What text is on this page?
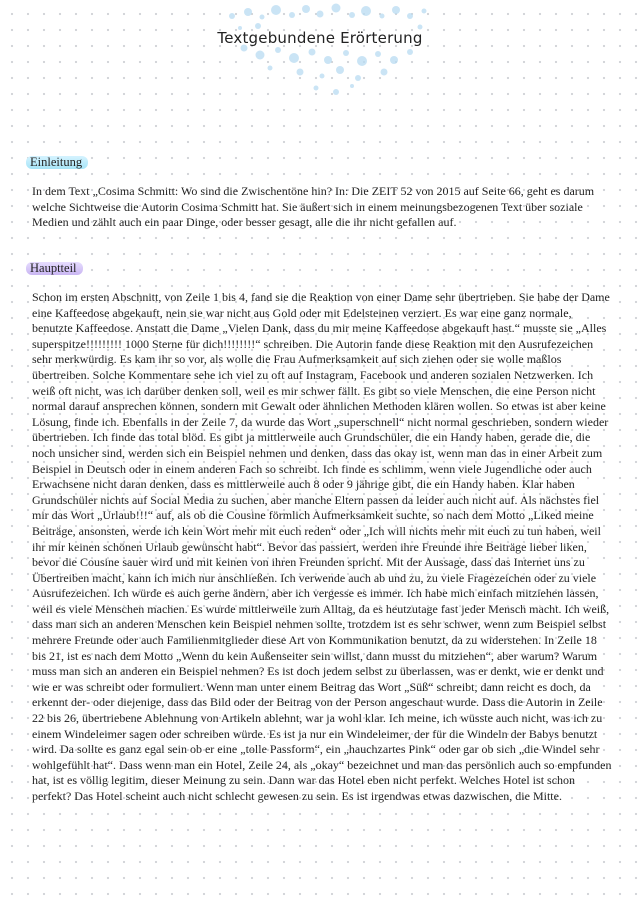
Textgebundene Erörterung
Einleitung

In dem Text „Cosima Schmitt: Wo sind die Zwischentöne hin? In: Die ZEIT 52 von 2015 auf Seite 66, geht es darum welche Sichtweise die Autorin Cosima Schmitt hat. Sie äußert sich in einem meinungsbezogenen Text über soziale Medien und zählt auch ein paar Dinge, oder besser gesagt, alle die ihr nicht gefallen auf.

Hauptteil

Schon im ersten Abschnitt, von Zeile 1 bis 4, fand sie die Reaktion von einer Dame sehr übertrieben. Sie habe der Dame eine Kaffeedose abgekauft, nein sie war nicht aus Gold oder mit Edelsteinen verziert. Es war eine ganz normale, benutzte Kaffeedose. Anstatt die Dame „Vielen Dank, dass du mir meine Kaffeedose abgekauft hast.“ musste sie „Alles superspitze!!!!!!!!! 1000 Sterne für dich!!!!!!!!“ schreiben. Die Autorin fande diese Reaktion mit den Ausrufezeichen sehr merkwürdig. Es kam ihr so vor, als wolle die Frau Aufmerksamkeit auf sich ziehen oder sie wolle maßlos übertreiben. Solche Kommentare sehe ich viel zu oft auf Instagram, Facebook und anderen sozialen Netzwerken. Ich weiß oft nicht, was ich darüber denken soll, weil es mir schwer fällt. Es gibt so viele Menschen, die eine Person nicht normal darauf ansprechen können, sondern mit Gewalt oder ähnlichen Methoden klären wollen. So etwas ist aber keine Lösung, finde ich. Ebenfalls in der Zeile 7, da wurde das Wort „superschnell“ nicht normal geschrieben, sondern wieder übertrieben. Ich finde das total blöd. Es gibt ja mittlerweile auch Grundschüler, die ein Handy haben, gerade die, die noch unsicher sind, werden sich ein Beispiel nehmen und denken, dass das okay ist, wenn man das in einer Arbeit zum Beispiel in Deutsch oder in einem anderen Fach so schreibt. Ich finde es schlimm, wenn viele Jugendliche oder auch Erwachsene nicht daran denken, dass es mittlerweile auch 8 oder 9 jährige gibt, die ein Handy haben. Klar haben Grundschüler nichts auf Social Media zu suchen, aber manche Eltern passen da leider auch nicht auf. Als nächstes fiel mir das Wort „Urlaub!!!“ auf, als ob die Cousine förmlich Aufmerksamkeit suchte, so nach dem Motto „Liked meine Beiträge, ansonsten, werde ich kein Wort mehr mit euch reden“ oder „Ich will nichts mehr mit euch zu tun haben, weil ihr mir keinen schönen Urlaub gewünscht habt“. Bevor das passiert, werden ihre Freunde ihre Beiträge lieber liken, bevor die Cousine sauer wird und mit keinen von ihren Freunden spricht. Mit der Aussage, dass das Internet uns zu Übertreiben macht, kann ich mich nur anschließen. Ich verwende auch ab und zu, zu viele Fragezeichen oder zu viele Ausrufezeichen. Ich würde es auch gerne ändern, aber ich vergesse es immer. Ich habe mich einfach mitziehen lassen, weil es viele Menschen machen. Es wurde mittlerweile zum Alltag, da es heutzutage fast jeder Mensch macht. Ich weiß, dass man sich an anderen Menschen kein Beispiel nehmen sollte, trotzdem ist es sehr schwer, wenn zum Beispiel selbst mehrere Freunde oder auch Familienmitglieder diese Art von Kommunikation benutzt, da zu widerstehen. In Zeile 18 bis 21, ist es nach dem Motto „Wenn du kein Außenseiter sein willst, dann musst du mitziehen“, aber warum? Warum muss man sich an anderen ein Beispiel nehmen? Es ist doch jedem selbst zu überlassen, was er denkt, wie er denkt und wie er was schreibt oder formuliert. Wenn man unter einem Beitrag das Wort „Süß“ schreibt, dann reicht es doch, da erkennt der- oder diejenige, dass das Bild oder der Beitrag von der Person angeschaut wurde. Dass die Autorin in Zeile 22 bis 26, übertriebene Ablehnung von Artikeln ablehnt, war ja wohl klar. Ich meine, ich wüsste auch nicht, was ich zu einem Windeleimer sagen oder schreiben würde. Es ist ja nur ein Windeleimer, der für die Windeln der Babys benutzt wird. Da sollte es ganz egal sein ob er eine „tolle Passform“, ein „hauchzartes Pink“ oder gar ob sich „die Windel sehr wohlgefühlt hat“. Dass wenn man ein Hotel, Zeile 24, als „okay“ bezeichnet und man das persönlich auch so empfunden hat, ist es völlig legitim, dieser Meinung zu sein. Dann war das Hotel eben nicht perfekt. Welches Hotel ist schon perfekt? Das Hotel scheint auch nicht schlecht gewesen zu sein. Es ist irgendwas etwas dazwischen, die Mitte.
